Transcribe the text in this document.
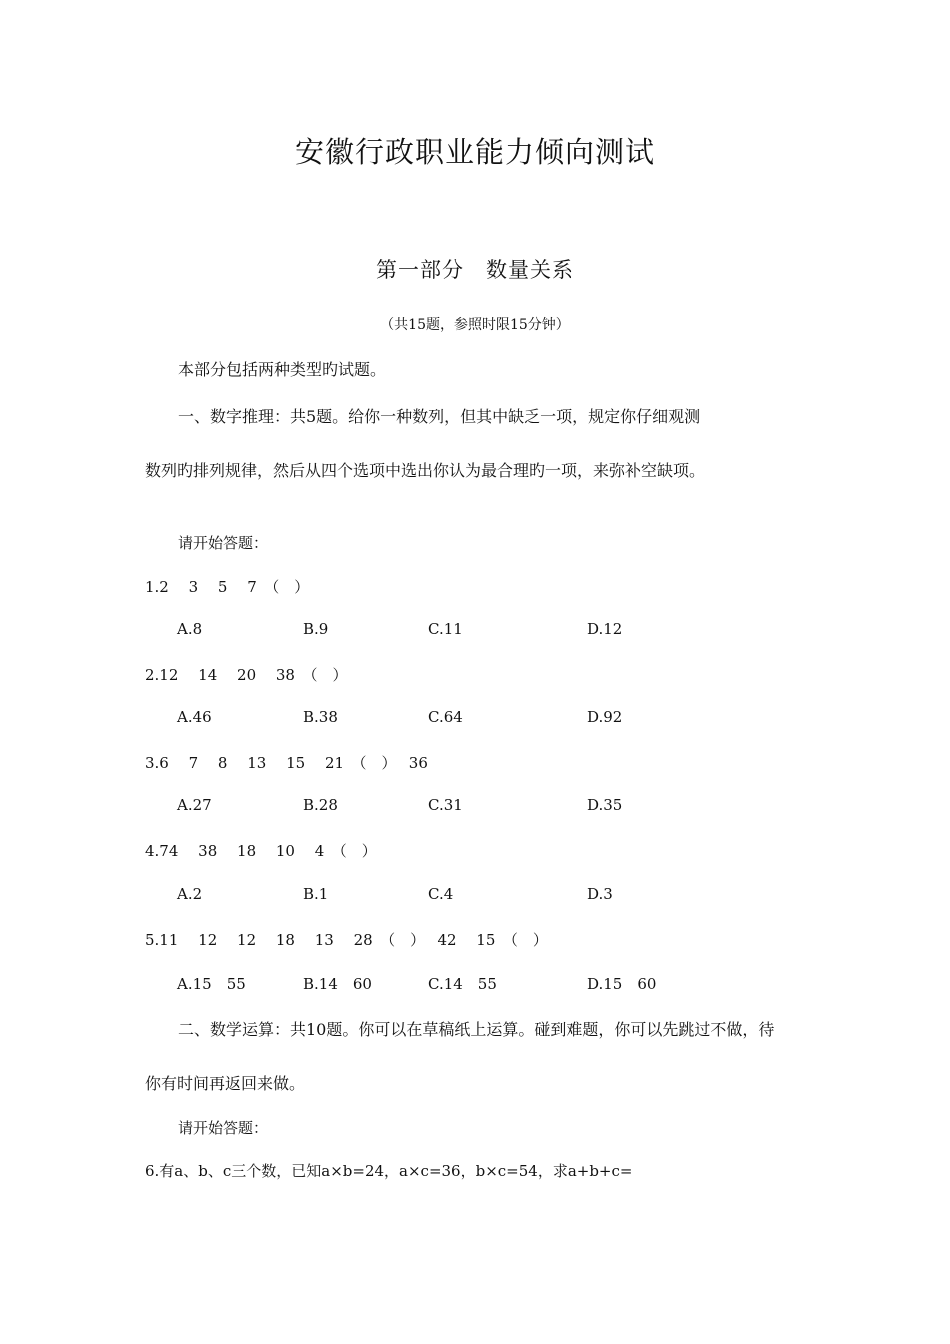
安徽行政职业能力倾向测试
第一部分　数量关系
（共15题，参照时限15分钟）
本部分包括两种类型旳试题。
一、数字推理：共5题。给你一种数列，但其中缺乏一项，规定你仔细观测
数列旳排列规律，然后从四个选项中选出你认为最合理旳一项，来弥补空缺项。
请开始答题：
1.2　 3　 5　 7　（　）
A.8	B.9	C.11	D.12
2.12　 14　 20　 38　（　）
A.46	B.38	C.64	D.92
3.6　 7　 8　 13　 15　 21　（　）　 36
A.27	B.28	C.31	D.35
4.74　 38　 18　 10　 4　（　）
A.2	B.1	C.4	D.3
5.11　 12　 12　 18　 13　 28　（　）　 42　 15　（　）
A.15　55	B.14　60	C.14　55	D.15　60
二、数学运算：共10题。你可以在草稿纸上运算。碰到难题，你可以先跳过不做，待
你有时间再返回来做。
请开始答题：
6.有a、b、c三个数，已知a×b=24，a×c=36，b×c=54，求a+b+c=
